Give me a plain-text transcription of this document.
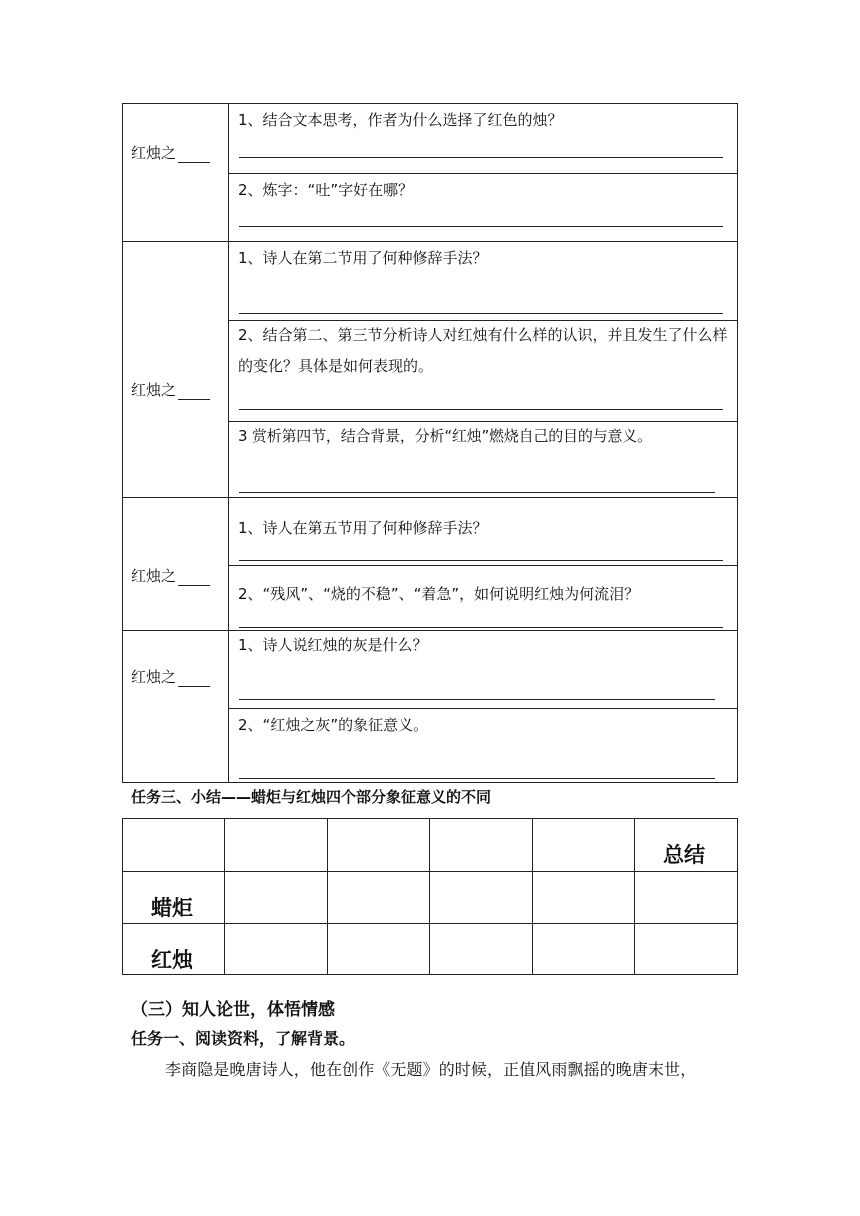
红烛之
1、结合文本思考，作者为什么选择了红色的烛？
2、炼字：“吐”字好在哪？
红烛之
1、诗人在第二节用了何种修辞手法？
2、结合第二、第三节分析诗人对红烛有什么样的认识，并且发生了什么样的变化？具体是如何表现的。
3 赏析第四节，结合背景，分析“红烛”燃烧自己的目的与意义。
红烛之
1、诗人在第五节用了何种修辞手法？
2、“残风”、“烧的不稳”、“着急”，如何说明红烛为何流泪？
红烛之
1、诗人说红烛的灰是什么？
2、“红烛之灰”的象征意义。
任务三、小结——蜡炬与红烛四个部分象征意义的不同
总结
蜡炬
红烛
（三）知人论世，体悟情感
任务一、阅读资料，了解背景。
李商隐是晚唐诗人，他在创作《无题》的时候，正值风雨飘摇的晚唐末世，
